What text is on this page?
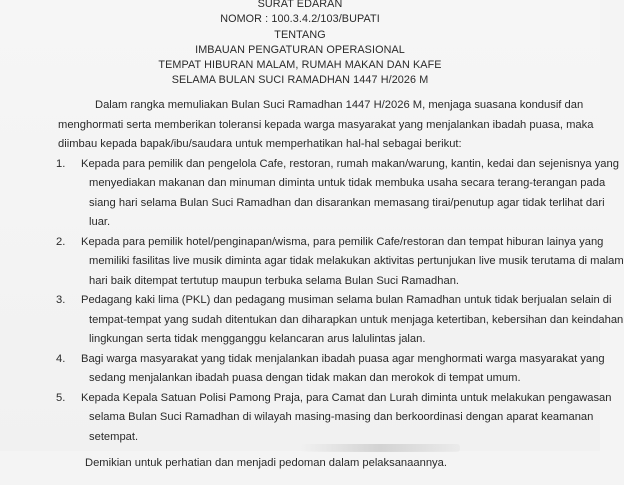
SURAT EDARAN
NOMOR : 100.3.4.2/103/BUPATI
TENTANG
IMBAUAN PENGATURAN OPERASIONAL
TEMPAT HIBURAN MALAM, RUMAH MAKAN DAN KAFE
SELAMA BULAN SUCI RAMADHAN 1447 H/2026 M

Dalam rangka memuliakan Bulan Suci Ramadhan 1447 H/2026 M, menjaga suasana kondusif dan

menghormati serta memberikan toleransi kepada warga masyarakat yang menjalankan ibadah puasa, maka

diimbau kepada bapak/ibu/saudara untuk memperhatikan hal-hal sebagai berikut:

1.	Kepada para pemilik dan pengelola Cafe, restoran, rumah makan/warung, kantin, kedai dan sejenisnya yang
menyediakan makanan dan minuman diminta untuk tidak membuka usaha secara terang-terangan pada
siang hari selama Bulan Suci Ramadhan dan disarankan memasang tirai/penutup agar tidak terlihat dari
luar.
2.	Kepada para pemilik hotel/penginapan/wisma, para pemilik Cafe/restoran dan tempat hiburan lainya yang
memiliki fasilitas live musik diminta agar tidak melakukan aktivitas pertunjukan live musik terutama di malam
hari baik ditempat tertutup maupun terbuka selama Bulan Suci Ramadhan.
3.	Pedagang kaki lima (PKL) dan pedagang musiman selama bulan Ramadhan untuk tidak berjualan selain di
tempat-tempat yang sudah ditentukan dan diharapkan untuk menjaga ketertiban, kebersihan dan keindahan
lingkungan serta tidak mengganggu kelancaran arus lalulintas jalan.
4.	Bagi warga masyarakat yang tidak menjalankan ibadah puasa agar menghormati warga masyarakat yang
sedang menjalankan ibadah puasa dengan tidak makan dan merokok di tempat umum.
5.	Kepada Kepala Satuan Polisi Pamong Praja, para Camat dan Lurah diminta untuk melakukan pengawasan
selama Bulan Suci Ramadhan di wilayah masing-masing dan berkoordinasi dengan aparat keamanan
setempat.

Demikian untuk perhatian dan menjadi pedoman dalam pelaksanaannya.
